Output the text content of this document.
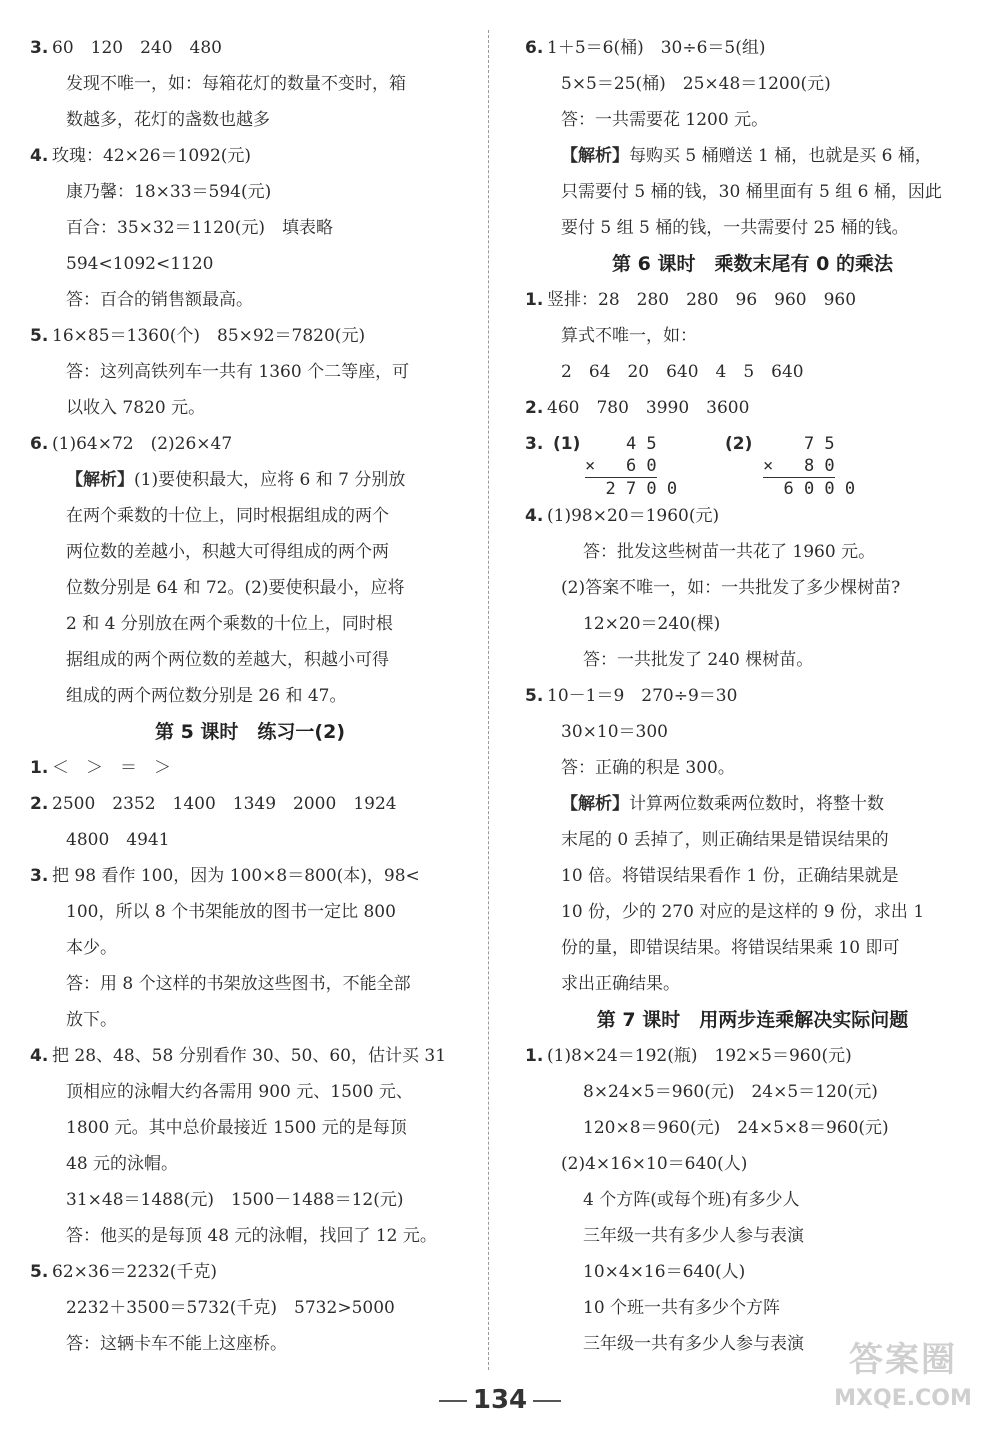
3. 60　120　240　480
发现不唯一，如：每箱花灯的数量不变时，箱
数越多，花灯的盏数也越多
4. 玫瑰：42×26＝1092(元)
康乃馨：18×33＝594(元)
百合：35×32＝1120(元)　填表略
594<1092<1120
答：百合的销售额最高。
5. 16×85＝1360(个)　85×92＝7820(元)
答：这列高铁列车一共有 1360 个二等座，可
以收入 7820 元。
6. (1)64×72　(2)26×47
【解析】(1)要使积最大，应将 6 和 7 分别放
在两个乘数的十位上，同时根据组成的两个
两位数的差越小，积越大可得组成的两个两
位数分别是 64 和 72。(2)要使积最小，应将
2 和 4 分别放在两个乘数的十位上，同时根
据组成的两个两位数的差越大，积越小可得
组成的两个两位数分别是 26 和 47。
第 5 课时　练习一(2)
1. ＜　＞　＝　＞
2. 2500　2352　1400　1349　2000　1924
4800　4941
3. 把 98 看作 100，因为 100×8＝800(本)，98<
100，所以 8 个书架能放的图书一定比 800
本少。
答：用 8 个这样的书架放这些图书，不能全部
放下。
4. 把 28、48、58 分别看作 30、50、60，估计买 31
顶相应的泳帽大约各需用 900 元、1500 元、
1800 元。其中总价最接近 1500 元的是每顶
48 元的泳帽。
31×48＝1488(元)　1500－1488＝12(元)
答：他买的是每顶 48 元的泳帽，找回了 12 元。
5. 62×36＝2232(千克)
2232＋3500＝5732(千克)　5732>5000
答：这辆卡车不能上这座桥。
6. 1＋5＝6(桶)　30÷6＝5(组)
5×5＝25(桶)　25×48＝1200(元)
答：一共需要花 1200 元。
【解析】每购买 5 桶赠送 1 桶，也就是买 6 桶，
只需要付 5 桶的钱，30 桶里面有 5 组 6 桶，因此
要付 5 组 5 桶的钱，一共需要付 25 桶的钱。
第 6 课时　乘数末尾有 0 的乘法
1. 竖排：28　280　280　96　960　960
算式不唯一，如：
2　64　20　640　4　5　640
2. 460　780　3990　3600
3. (1) 4 5
×   6 0
2 7 0 0
(2) 7 5
×   8 0
6 0 0 0
4. (1)98×20＝1960(元)
答：批发这些树苗一共花了 1960 元。
(2)答案不唯一，如：一共批发了多少棵树苗?
12×20＝240(棵)
答：一共批发了 240 棵树苗。
5. 10－1＝9　270÷9＝30
30×10＝300
答：正确的积是 300。
【解析】计算两位数乘两位数时，将整十数
末尾的 0 丢掉了，则正确结果是错误结果的
10 倍。将错误结果看作 1 份，正确结果就是
10 份，少的 270 对应的是这样的 9 份，求出 1
份的量，即错误结果。将错误结果乘 10 即可
求出正确结果。
第 7 课时　用两步连乘解决实际问题
1. (1)8×24＝192(瓶)　192×5＝960(元)
8×24×5＝960(元)　24×5＝120(元)
120×8＝960(元)　24×5×8＝960(元)
(2)4×16×10＝640(人)
4 个方阵(或每个班)有多少人
三年级一共有多少人参与表演
10×4×16＝640(人)
10 个班一共有多少个方阵
三年级一共有多少人参与表演
134
答案圈
MXQE.COM
